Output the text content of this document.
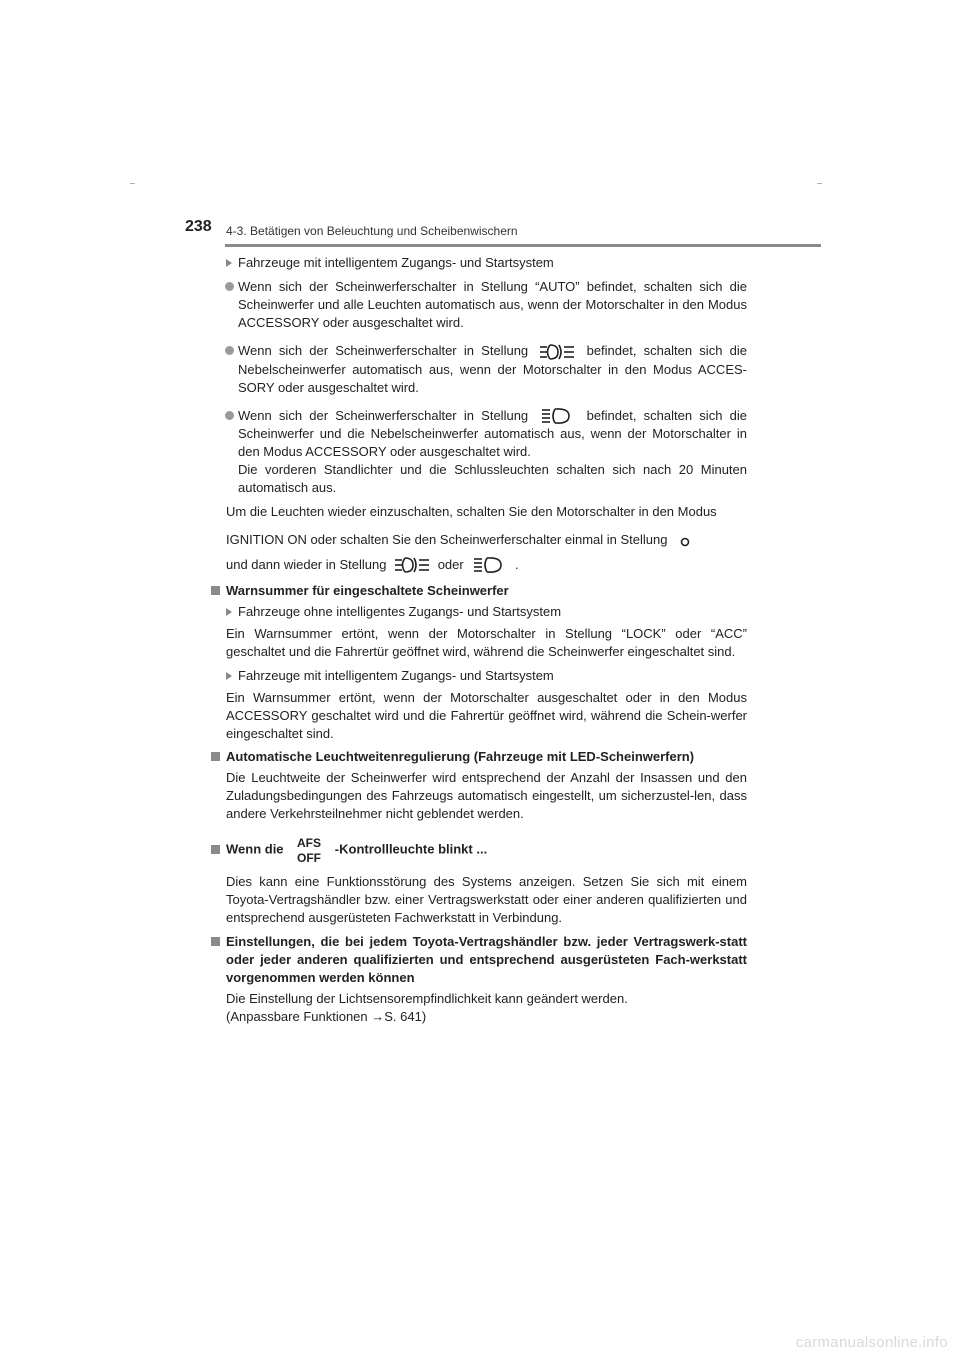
238 4-3. Betätigen von Beleuchtung und Scheibenwischern
Fahrzeuge mit intelligentem Zugangs- und Startsystem
Wenn sich der Scheinwerferschalter in Stellung “AUTO” befindet, schalten sich die Scheinwerfer und alle Leuchten automatisch aus, wenn der Motorschalter in den Modus ACCESSORY oder ausgeschaltet wird.
Wenn sich der Scheinwerferschalter in Stellung	befindet, schalten sich die Nebelscheinwerfer automatisch aus, wenn der Motorschalter in den Modus ACCES-SORY oder ausgeschaltet wird.
Wenn sich der Scheinwerferschalter in Stellung	befindet, schalten sich die Scheinwerfer und die Nebelscheinwerfer automatisch aus, wenn der Motorschalter in den Modus ACCESSORY oder ausgeschaltet wird.
Die vorderen Standlichter und die Schlussleuchten schalten sich nach 20 Minuten automatisch aus.
Um die Leuchten wieder einzuschalten, schalten Sie den Motorschalter in den Modus
IGNITION ON oder schalten Sie den Scheinwerferschalter einmal in Stellung
und dann wieder in Stellung	oder	.
Warnsummer für eingeschaltete Scheinwerfer
Fahrzeuge ohne intelligentes Zugangs- und Startsystem
Ein Warnsummer ertönt, wenn der Motorschalter in Stellung “LOCK” oder “ACC” geschaltet und die Fahrertür geöffnet wird, während die Scheinwerfer eingeschaltet sind.
Fahrzeuge mit intelligentem Zugangs- und Startsystem
Ein Warnsummer ertönt, wenn der Motorschalter ausgeschaltet oder in den Modus ACCESSORY geschaltet wird und die Fahrertür geöffnet wird, während die Schein-werfer eingeschaltet sind.
Automatische Leuchtweitenregulierung (Fahrzeuge mit LED-Scheinwerfern)
Die Leuchtweite der Scheinwerfer wird entsprechend der Anzahl der Insassen und den Zuladungsbedingungen des Fahrzeugs automatisch eingestellt, um sicherzustel-len, dass andere Verkehrsteilnehmer nicht geblendet werden.
Wenn die AFS
OFF
-Kontrollleuchte blinkt ...
Dies kann eine Funktionsstörung des Systems anzeigen. Setzen Sie sich mit einem Toyota-Vertragshändler bzw. einer Vertragswerkstatt oder einer anderen qualifizierten und entsprechend ausgerüsteten Fachwerkstatt in Verbindung.
Einstellungen, die bei jedem Toyota-Vertragshändler bzw. jeder Vertragswerk-statt oder jeder anderen qualifizierten und entsprechend ausgerüsteten Fach-werkstatt vorgenommen werden können
Die Einstellung der Lichtsensorempfindlichkeit kann geändert werden.
(Anpassbare Funktionen →S. 641)
carmanualsonline.info
